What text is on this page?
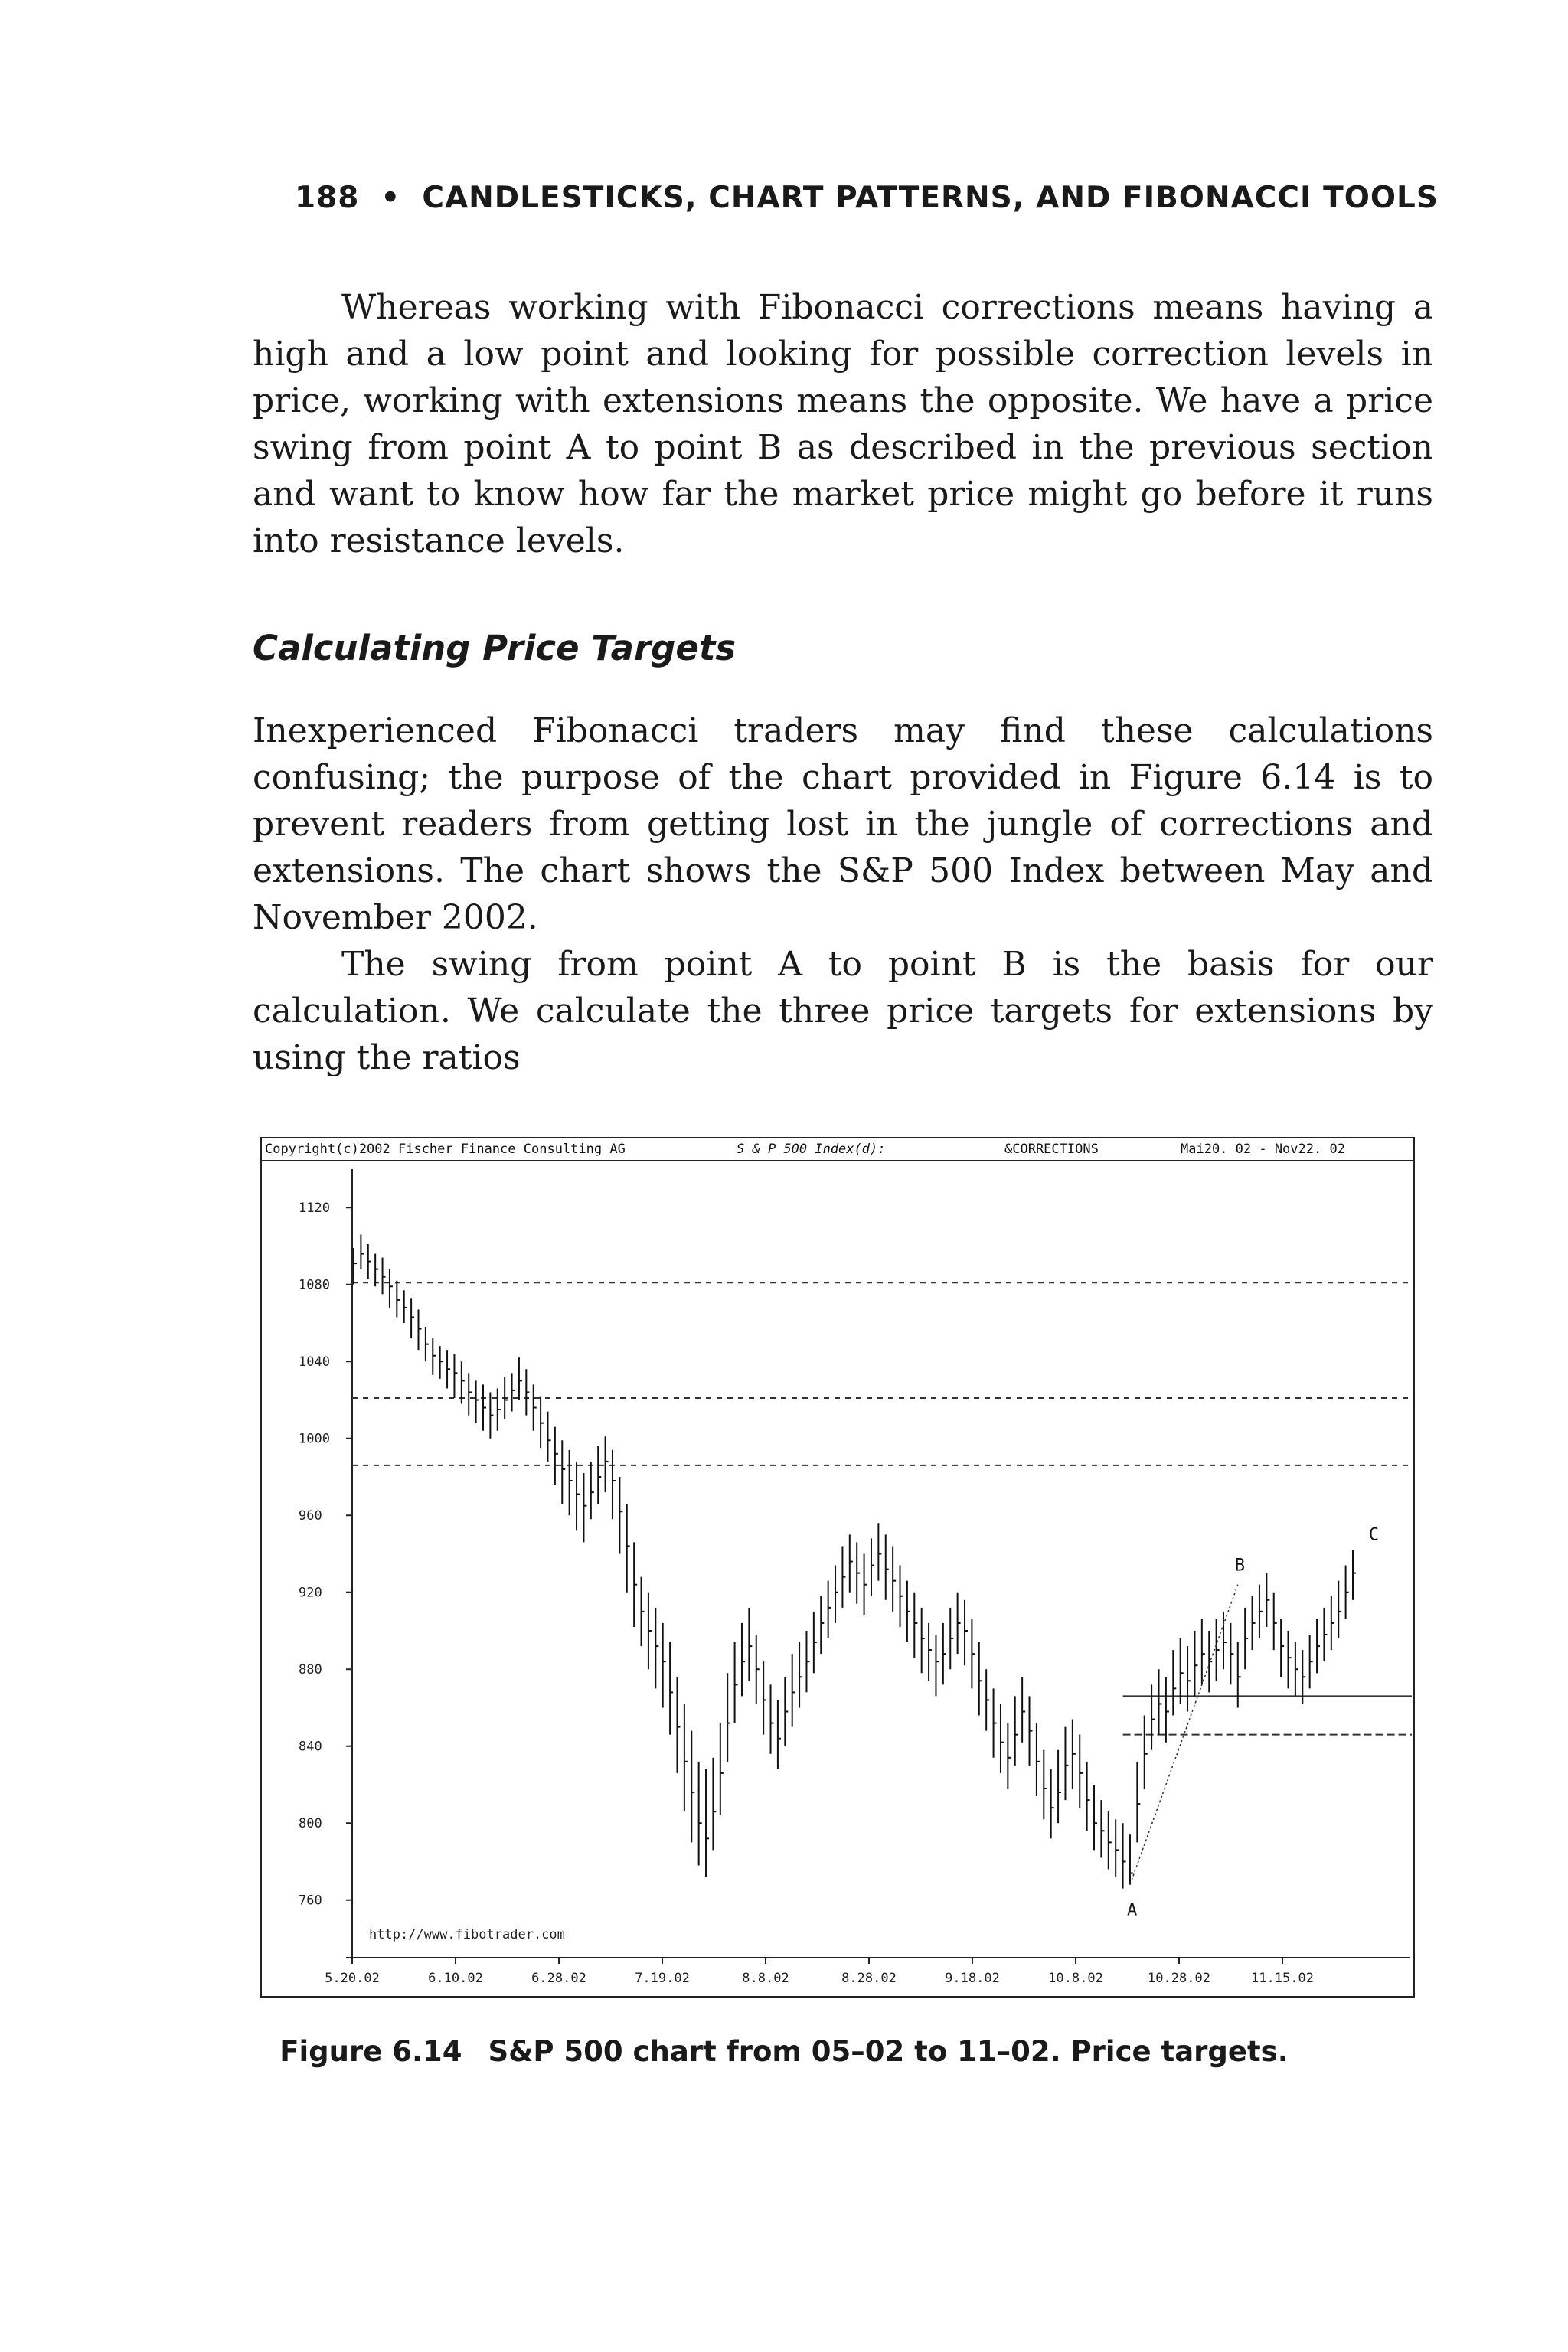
188 • CANDLESTICKS, CHART PATTERNS, AND FIBONACCI TOOLS

Whereas working with Fibonacci corrections means having a high and a low point and looking for possible correction levels in price, working with extensions means the opposite. We have a price swing from point A to point B as described in the previous section and want to know how far the market price might go before it runs into resistance levels.

Calculating Price Targets

Inexperienced Fibonacci traders may find these calculations confusing; the purpose of the chart provided in Figure 6.14 is to prevent readers from getting lost in the jungle of corrections and extensions. The chart shows the S&P 500 Index between May and November 2002.

The swing from point A to point B is the basis for our calculation. We calculate the three price targets for extensions by using the ratios

Copyright(c)2002 Fischer Finance Consulting AG	S & P 500 Index(d):	&CORRECTIONS	Mai20. 02 - Nov22. 02
1120
1080
1040
1000
960
920
880
840
800
760
5.20.02	6.10.02	6.28.02	7.19.02	8.8.02	8.28.02	9.18.02	10.8.02	10.28.02	11.15.02
A
B
C
http://www.fibotrader.com
Figure 6.14 S&P 500 chart from 05–02 to 11–02. Price targets.
